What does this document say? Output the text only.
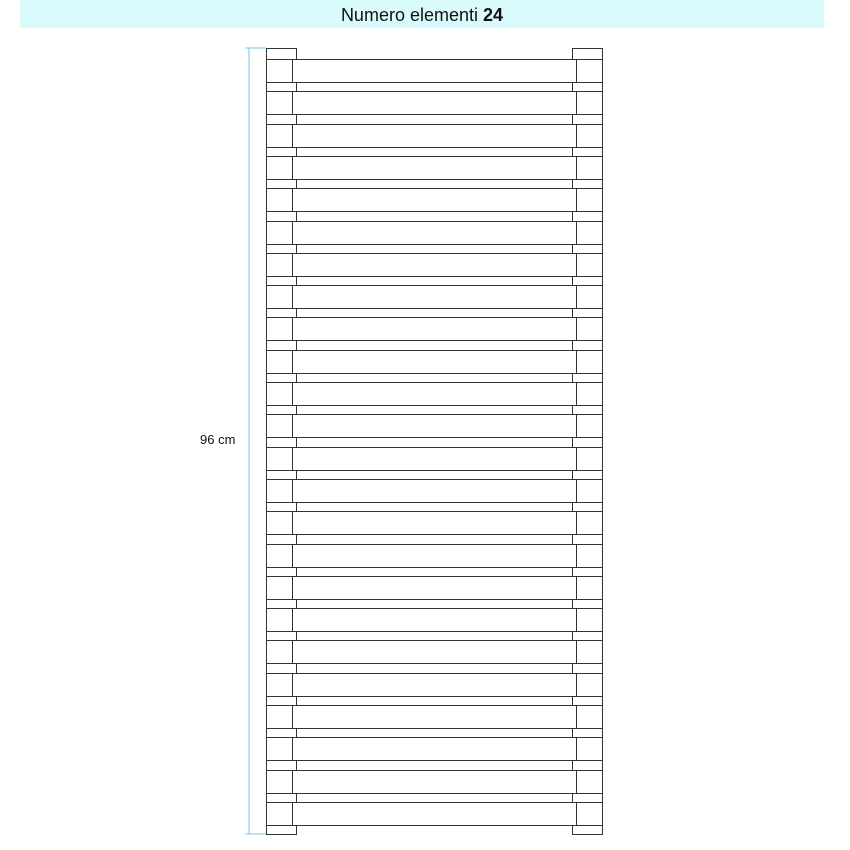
Numero elementi 24
96 cm
